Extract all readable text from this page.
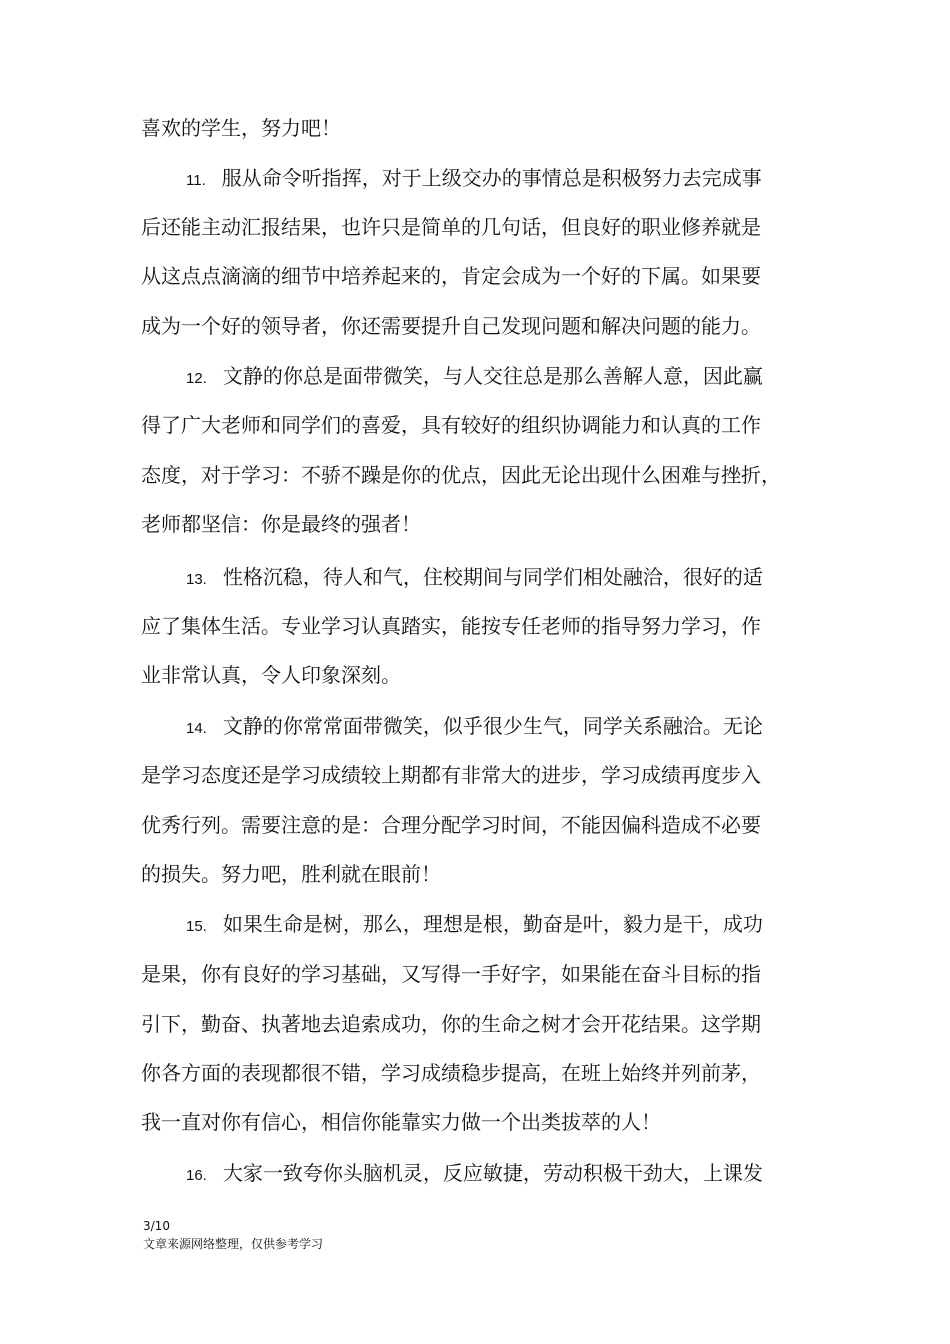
喜欢的学生，努力吧！
11. 服从命令听指挥，对于上级交办的事情总是积极努力去完成事
后还能主动汇报结果，也许只是简单的几句话，但良好的职业修养就是
从这点点滴滴的细节中培养起来的，肯定会成为一个好的下属。如果要
成为一个好的领导者，你还需要提升自己发现问题和解决问题的能力。
12. 文静的你总是面带微笑，与人交往总是那么善解人意，因此赢
得了广大老师和同学们的喜爱，具有较好的组织协调能力和认真的工作
态度，对于学习：不骄不躁是你的优点，因此无论出现什么困难与挫折，
老师都坚信：你是最终的强者！
13. 性格沉稳，待人和气，住校期间与同学们相处融洽，很好的适
应了集体生活。专业学习认真踏实，能按专任老师的指导努力学习，作
业非常认真，令人印象深刻。
14. 文静的你常常面带微笑，似乎很少生气，同学关系融洽。无论
是学习态度还是学习成绩较上期都有非常大的进步，学习成绩再度步入
优秀行列。需要注意的是：合理分配学习时间，不能因偏科造成不必要
的损失。努力吧，胜利就在眼前！
15. 如果生命是树，那么，理想是根，勤奋是叶，毅力是干，成功
是果，你有良好的学习基础，又写得一手好字，如果能在奋斗目标的指
引下，勤奋、执著地去追索成功，你的生命之树才会开花结果。这学期
你各方面的表现都很不错，学习成绩稳步提高，在班上始终并列前茅，
我一直对你有信心，相信你能靠实力做一个出类拔萃的人！
16. 大家一致夸你头脑机灵，反应敏捷，劳动积极干劲大，上课发
3/10
文章来源网络整理，仅供参考学习
